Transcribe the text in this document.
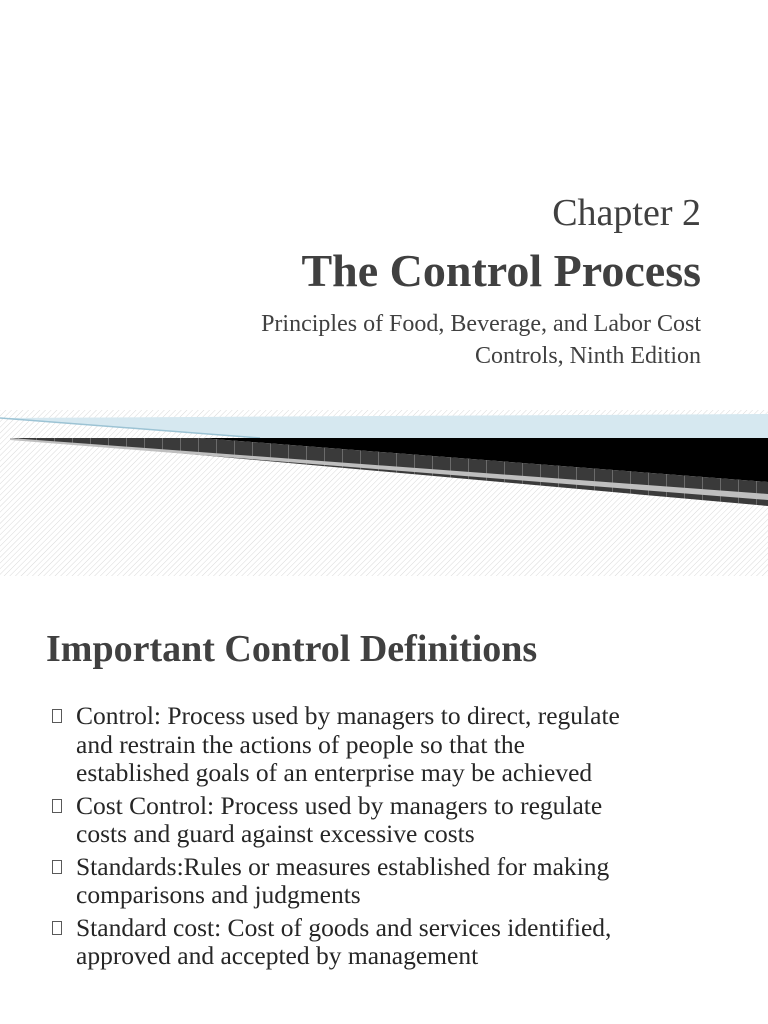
Chapter 2
The Control Process
Principles of Food, Beverage, and Labor Cost
Controls, Ninth Edition
Important Control Definitions
Control: Process used by managers to direct, regulate
and restrain the actions of people so that the
established goals of an enterprise may be achieved
Cost Control: Process used by managers to regulate
costs and guard against excessive costs
Standards:Rules or measures established for making
comparisons and judgments
Standard cost: Cost of goods and services identified,
approved and accepted by management
